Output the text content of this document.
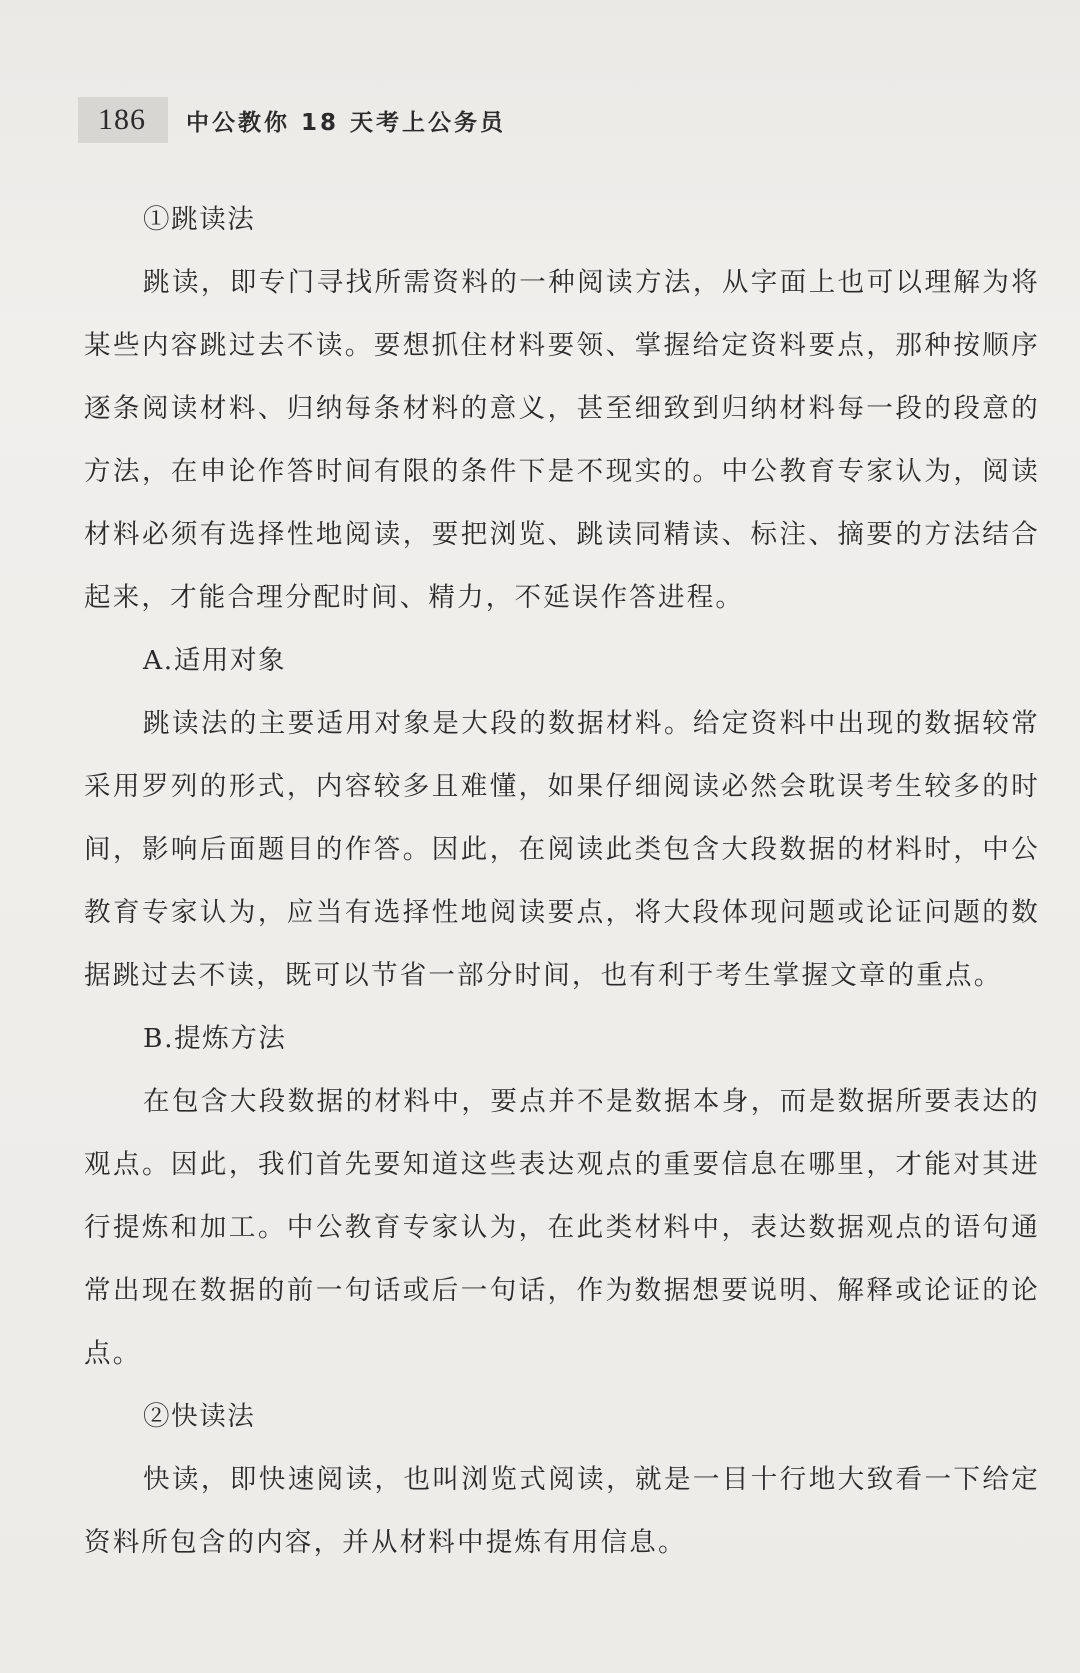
186	中公教你 18 天考上公务员

①跳读法

跳读，即专门寻找所需资料的一种阅读方法，从字面上也可以理解为将某些内容跳过去不读。要想抓住材料要领、掌握给定资料要点，那种按顺序逐条阅读材料、归纳每条材料的意义，甚至细致到归纳材料每一段的段意的方法，在申论作答时间有限的条件下是不现实的。中公教育专家认为，阅读材料必须有选择性地阅读，要把浏览、跳读同精读、标注、摘要的方法结合起来，才能合理分配时间、精力，不延误作答进程。

A.适用对象

跳读法的主要适用对象是大段的数据材料。给定资料中出现的数据较常采用罗列的形式，内容较多且难懂，如果仔细阅读必然会耽误考生较多的时间，影响后面题目的作答。因此，在阅读此类包含大段数据的材料时，中公教育专家认为，应当有选择性地阅读要点，将大段体现问题或论证问题的数据跳过去不读，既可以节省一部分时间，也有利于考生掌握文章的重点。

B.提炼方法

在包含大段数据的材料中，要点并不是数据本身，而是数据所要表达的观点。因此，我们首先要知道这些表达观点的重要信息在哪里，才能对其进行提炼和加工。中公教育专家认为，在此类材料中，表达数据观点的语句通常出现在数据的前一句话或后一句话，作为数据想要说明、解释或论证的论点。

②快读法

快读，即快速阅读，也叫浏览式阅读，就是一目十行地大致看一下给定资料所包含的内容，并从材料中提炼有用信息。
